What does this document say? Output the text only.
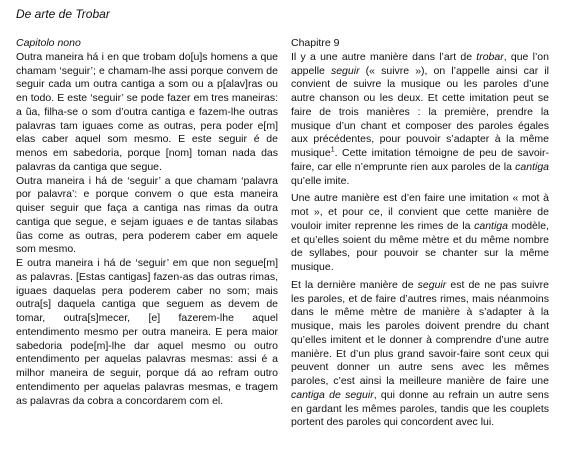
De arte de Trobar
Capitolo nono

Outra maneira há i en que trobam do[u]s homens a que chamam ‘seguir’; e chamam-lhe assi porque convem de seguir cada um outra cantiga a som ou a p[alav]ras ou en todo. E este ‘seguir’ se pode fazer em tres maneiras: a ũa, filha-se o som d’outra cantiga e fazem-lhe outras palavras tam iguaes come as outras, pera poder e[m] elas caber aquel som mesmo. E este seguir é de menos em sabedoria, porque [nom] toman nada das palavras da cantiga que segue.

Outra maneira i há de ‘seguir’ a que chamam ‘palavra por palavra’: e porque convem o que esta maneira quiser seguir que faça a cantiga nas rimas da outra cantiga que segue, e sejam iguaes e de tantas silabas ũas come as outras, pera poderem caber em aquele som mesmo.

E outra maneira i há de ‘seguir’ em que non segue[m] as palavras. [Estas cantigas] fazen-as das outras rimas, iguaes daquelas pera poderem caber no som; mais outra[s] daquela cantiga que seguem as devem de tomar, outra[s]mecer, [e] fazerem-lhe aquel entendimento mesmo per outra maneira. E pera maior sabedoria pode[m]-lhe dar aquel mesmo ou outro entendimento per aquelas palavras mesmas: assi é a milhor maneira de seguir, porque dá ao refram outro entendimento per aquelas palavras mesmas, e tragem as palavras da cobra a concordarem com el.

Chapitre 9

Il y a une autre manière dans l’art de trobar, que l’on appelle seguir (« suivre »), on l’appelle ainsi car il convient de suivre la musique ou les paroles d’une autre chanson ou les deux. Et cette imitation peut se faire de trois manières : la première, prendre la musique d’un chant et composer des paroles égales aux précédentes, pour pouvoir s’adapter à la même musique$^1$. Cette imitation témoigne de peu de savoir-faire, car elle n’emprunte rien aux paroles de la cantiga qu’elle imite.

Une autre manière est d’en faire une imitation « mot à mot », et pour ce, il convient que cette manière de vouloir imiter reprenne les rimes de la cantiga modèle, et qu’elles soient du même mètre et du même nombre de syllabes, pour pouvoir se chanter sur la même musique.

Et la dernière manière de seguir est de ne pas suivre les paroles, et de faire d’autres rimes, mais néanmoins dans le même mètre de manière à s’adapter à la musique, mais les paroles doivent prendre du chant qu’elles imitent et le donner à comprendre d’une autre manière. Et d’un plus grand savoir-faire sont ceux qui peuvent donner un autre sens avec les mêmes paroles, c’est ainsi la meilleure manière de faire une cantiga de seguir, qui donne au refrain un autre sens en gardant les mêmes paroles, tandis que les couplets portent des paroles qui concordent avec lui.
